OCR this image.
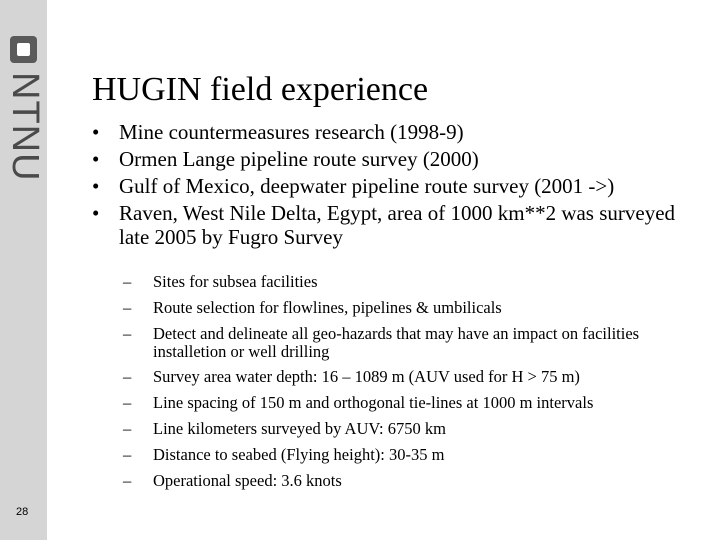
NTNU
28
HUGIN field experience
• Mine countermeasures research (1998-9)
• Ormen Lange pipeline route survey (2000)
• Gulf of Mexico, deepwater pipeline route survey (2001 ->)
• Raven, West Nile Delta, Egypt, area of 1000 km**2 was surveyed late 2005 by Fugro Survey
– Sites for subsea facilities
– Route selection for flowlines, pipelines & umbilicals
– Detect and delineate all geo-hazards that may have an impact on facilities installetion or well drilling
– Survey area water depth: 16 – 1089 m (AUV used for H > 75 m)
– Line spacing of 150 m and orthogonal tie-lines at 1000 m intervals
– Line kilometers surveyed by AUV: 6750 km
– Distance to seabed (Flying height): 30-35 m
– Operational speed: 3.6 knots
